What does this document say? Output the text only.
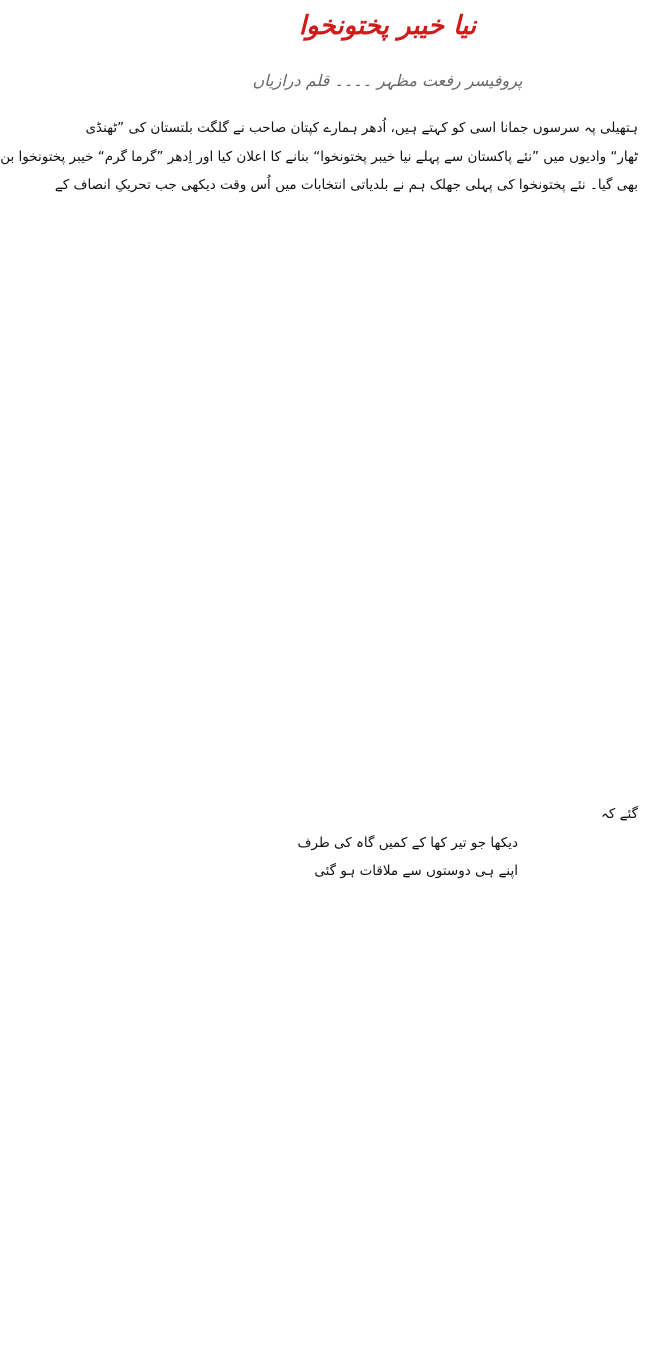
نیا خیبر پختونخوا

پروفیسر رفعت مظہر ۔۔۔۔ قلم درازیاں

ہتھیلی پہ سرسوں جمانا اسی کو کہتے ہیں، اُدھر ہمارے کپتان صاحب نے گلگت بلتستان کی ”ٹھنڈی
ٹھار“ وادیوں میں ”نئے پاکستان سے پہلے نیا خیبر پختونخوا“ بنانے کا اعلان کیا اور اِدھر ”گرما گرم“ خیبر پختونخوا بن
بھی گیا۔ نئے پختونخوا کی پہلی جھلک ہم نے بلدیاتی انتخابات میں اُس وقت دیکھی جب تحریکِ انصاف کے
گئے کہ
دیکھا جو تیر کھا کے کمیں گاہ کی طرف
اپنے ہی دوستوں سے ملاقات ہو گئی
